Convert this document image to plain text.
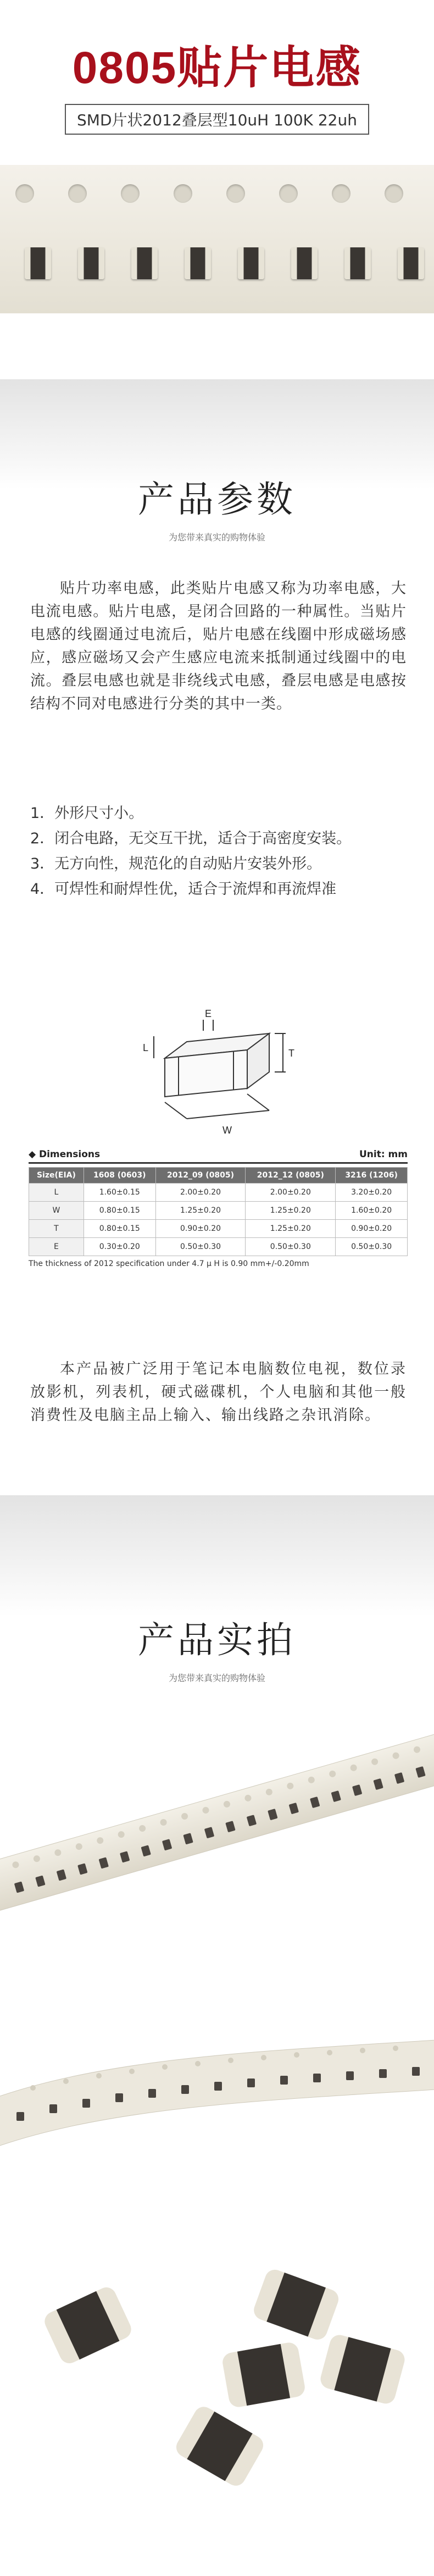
0805贴片电感
SMD片状2012叠层型10uH 100K 22uh
产品参数
为您带来真实的购物体验
贴片功率电感，此类贴片电感又称为功率电感，大电流电感。贴片电感，是闭合回路的一种属性。当贴片电感的线圈通过电流后，贴片电感在线圈中形成磁场感应，感应磁场又会产生感应电流来抵制通过线圈中的电流。叠层电感也就是非绕线式电感，叠层电感是电感按结构不同对电感进行分类的其中一类。
1．外形尺寸小。
2．闭合电路，无交互干扰，适合于高密度安装。
3．无方向性，规范化的自动贴片安装外形。
4．可焊性和耐焊性优，适合于流焊和再流焊准
L
E
T
W
◆ Dimensions	Unit: mm
Size(EIA)	1608 (0603)	2012_09 (0805)	2012_12 (0805)	3216 (1206)
L	1.60±0.15	2.00±0.20	2.00±0.20	3.20±0.20
W	0.80±0.15	1.25±0.20	1.25±0.20	1.60±0.20
T	0.80±0.15	0.90±0.20	1.25±0.20	0.90±0.20
E	0.30±0.20	0.50±0.30	0.50±0.30	0.50±0.30
The thickness of 2012 specification under 4.7 μ H is 0.90 mm+/-0.20mm
本产品被广泛用于笔记本电脑数位电视，数位录放影机，列表机，硬式磁碟机，个人电脑和其他一般消费性及电脑主品上输入、输出线路之杂讯消除。
产品实拍
为您带来真实的购物体验
